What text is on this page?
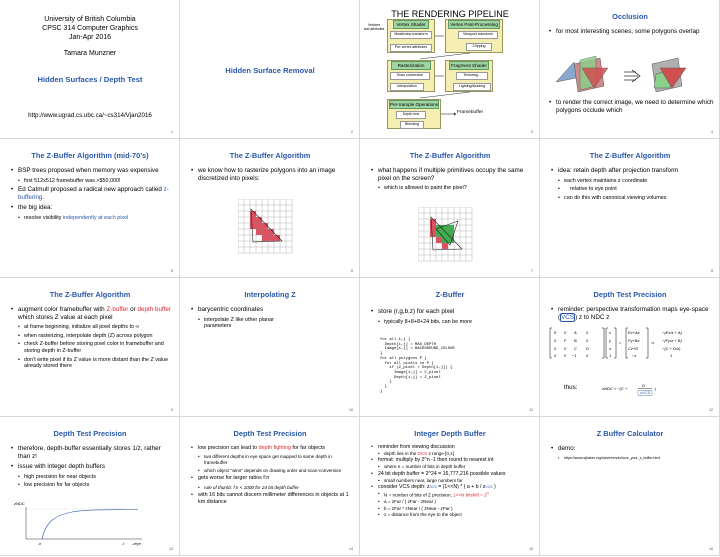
University of British Columbia
CPSC 314 Computer Graphics
Jan-Apr 2016
Tamara Munzner
Hidden Surfaces / Depth Test
http://www.ugrad.cs.ubc.ca/~cs314/Vjan2016
1
Hidden Surface Removal
2
THE RENDERING PIPELINE
Vertices
and attributes
Vertex Shader
Modelview transform
Per-vertex attributes
Vertex Post-Processing
Viewport transform
Clipping
Rasterization
Scan conversion
Interpolation
Fragment Shader
Texturing...
Lighting/shading
Per-Sample Operations
Depth test
Blending
Framebuffer
3
Occlusion
• for most interesting scenes, some polygons overlap
• to render the correct image, we need to determine which polygons occlude which
4
The Z-Buffer Algorithm (mid-70’s)
• BSP trees proposed when memory was expensive
• first 512x512 framebuffer was >$50,000!
• Ed Catmull proposed a radical new approach called z-buffering.
• the big idea:
• resolve visibility independently at each pixel
5
The Z-Buffer Algorithm
• we know how to rasterize polygons into an image discretized into pixels:
6
The Z-Buffer Algorithm
• what happens if multiple primitives occupy the same pixel on the screen?
• which is allowed to paint the pixel?
7
The Z-Buffer Algorithm
• idea: retain depth after projection transform
• each vertex maintains z coordinate
• relative to eye point
• can do this with canonical viewing volumes
8
The Z-Buffer Algorithm
• augment color framebuffer with Z-buffer or depth buffer which stores Z value at each pixel
• at frame beginning, initialize all pixel depths to ∞
• when rasterizing, interpolate depth (Z) across polygon
• check Z-buffer before storing pixel color in framebuffer and storing depth in Z-buffer
• don’t write pixel if its Z value is more distant than the Z value already stored there
9
Interpolating Z
• barycentric coordinates
• interpolate Z like other planar parameters
10
Z-Buffer
• store (r,g,b,z) for each pixel
• typically 8+8+8+24 bits, can be more
for all i,j {
Depth[i,j] = MAX_DEPTH
Image[i,j] = BACKGROUND_COLOUR
}
for all polygons P {
for all pixels in P {
if (Z_pixel < Depth[i,j]) {
Image[i,j] = C_pixel
Depth[i,j] = Z_pixel
}
}
}
11
Depth Test Precision
• reminder: perspective transformation maps eye-space (VCS) z to NDC z
E 0 A 0
0 F B 0
0 0 C D
0 0 −1 0
x
y
z
1
=
Ex+Az
Fy+Bz
Cz+D
−z
⇒
−(Ex/z + A)
−(Fy/z + B)
−(C + D/z)
1
thus:	zNDC = −(C +
D
zVCS
)
12
Depth Test Precision
• therefore, depth-buffer essentially stores 1/z, rather than z!
• issue with integer depth buffers
• high precision for near objects
• low precision for far objects
zNDC
-n	-f -zeye
13
Depth Test Precision
• low precision can lead to depth fighting for far objects
• two different depths in eye space get mapped to same depth in framebuffer
• which object “wins” depends on drawing order and scan-conversion
• gets worse for larger ratios f:n
• rule of thumb: f:n < 1000 for 24 bit depth buffer
• with 16 bits cannot discern millimeter differences in objects at 1 km distance
14
Integer Depth Buffer
• reminder from viewing discussion
• depth lies in the DCS z range [0,1]
• format: multiply by 2^n -1 then round to nearest int
• where n = number of bits in depth buffer
• 24 bit depth buffer = 2^24 = 16,777,216 possible values
• small numbers near, large numbers far
• consider VCS depth: zDCS = (1<<N) * ( a + b / zVCS )
• N = number of bits of Z precision, 1<<N bitshift = $2^N$
• a = zFar / ( zFar - zNear )
• b = zFar * zNear / ( zNear - zFar )
• z = distance from the eye to the object
15
Z Buffer Calculator
• demo:
• https://www.sjbaker.org/steve/omniv/love_your_z_buffer.html
16
